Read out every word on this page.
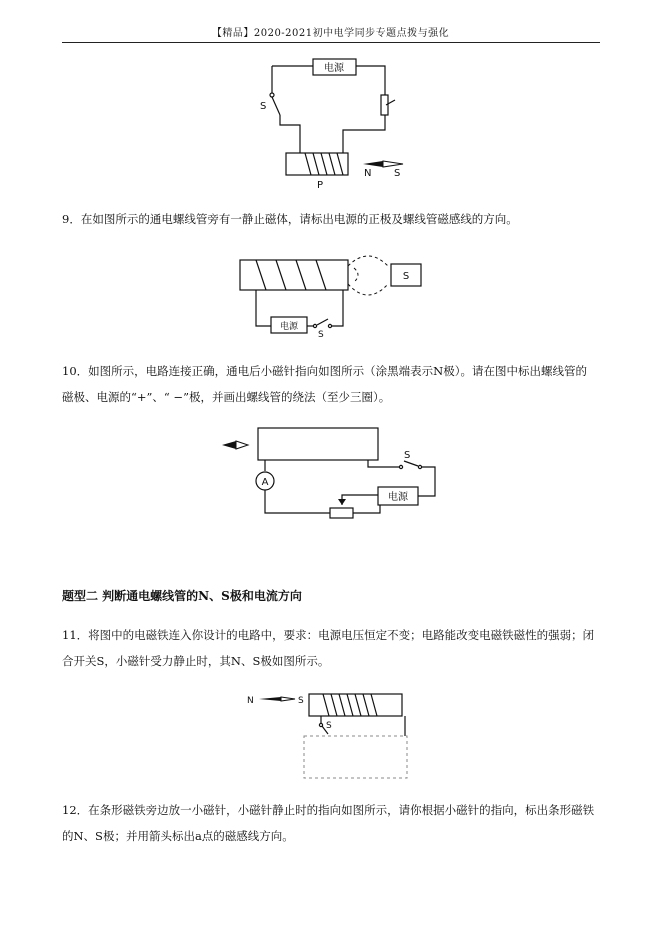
【精品】2020-2021初中电学同步专题点拨与强化
电源
S
P
N S
9．在如图所示的通电螺线管旁有一静止磁体，请标出电源的正极及螺线管磁感线的方向。
S
电源
S
10．如图所示，电路连接正确，通电后小磁针指向如图所示（涂黑端表示N极）。请在图中标出螺线管的
磁极、电源的“+”、“ −”极，并画出螺线管的绕法（至少三圈）。
A
S
电源
题型二 判断通电螺线管的N、S极和电流方向
11．将图中的电磁铁连入你设计的电路中，要求：电源电压恒定不变；电路能改变电磁铁磁性的强弱；闭
合开关S，小磁针受力静止时，其N、S极如图所示。
N	S
S
12．在条形磁铁旁边放一小磁针，小磁针静止时的指向如图所示，请你根据小磁针的指向，标出条形磁铁
的N、S极；并用箭头标出a点的磁感线方向。
